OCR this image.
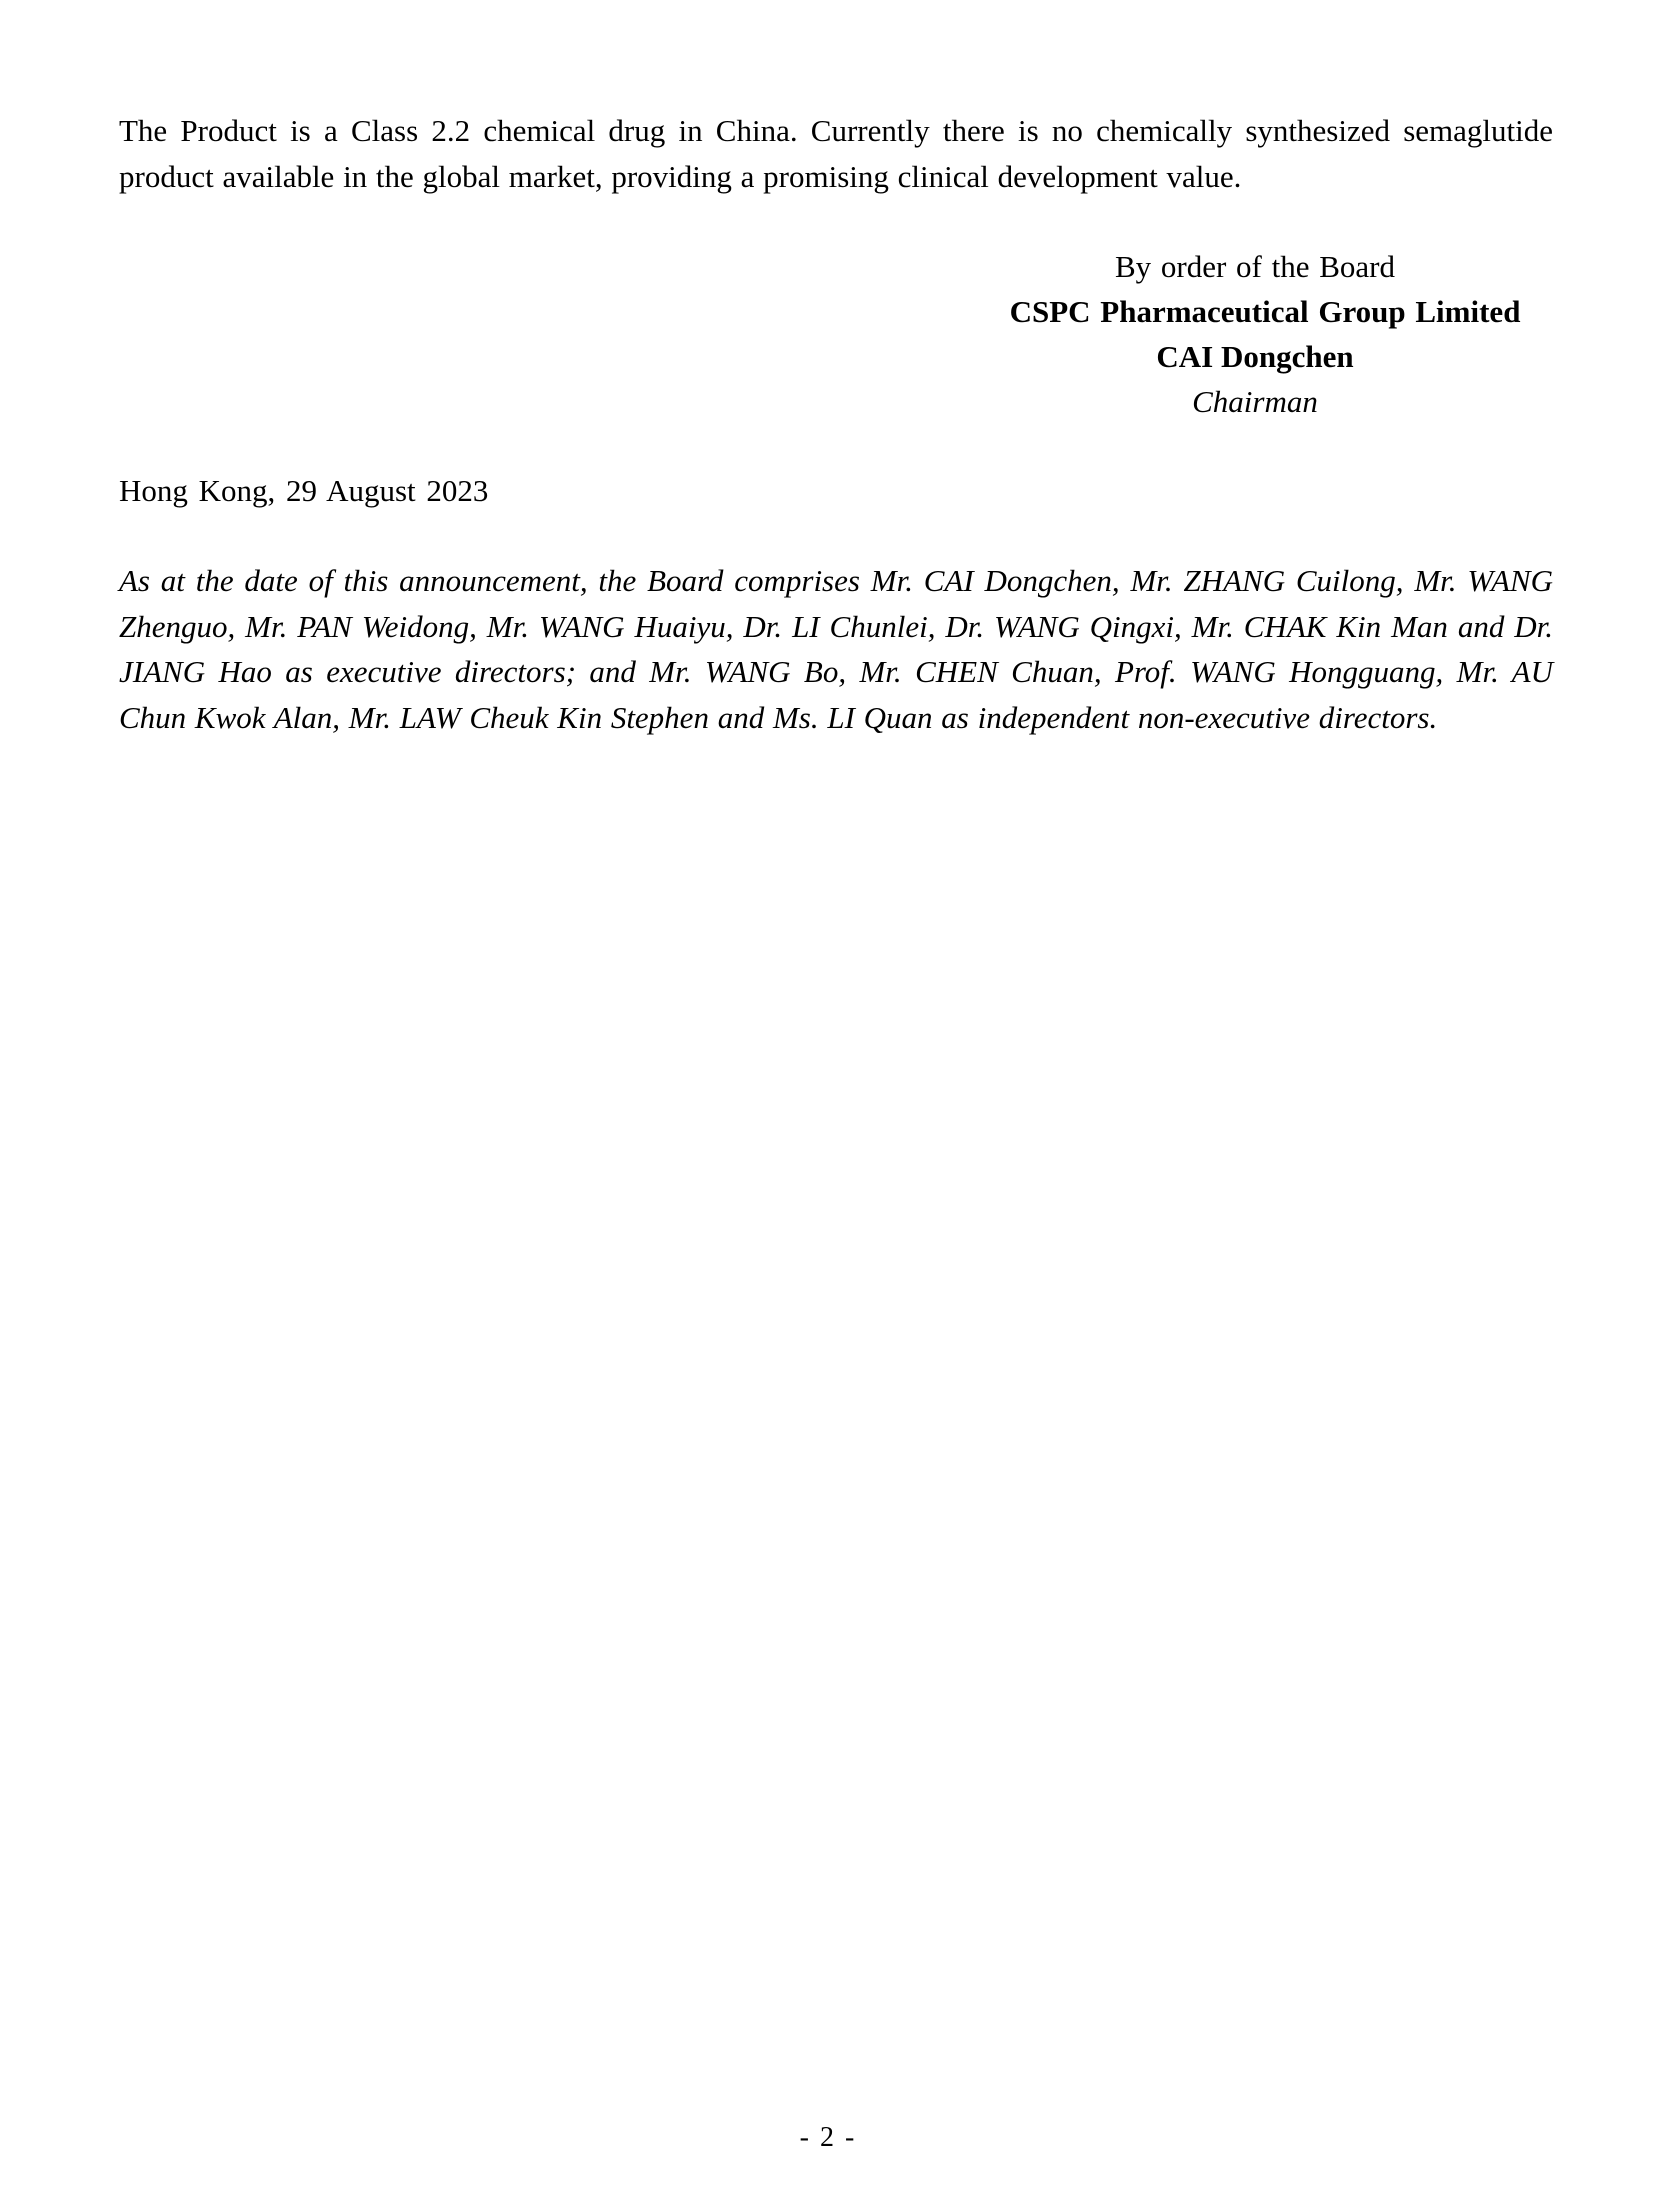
The Product is a Class 2.2 chemical drug in China. Currently there is no chemically synthesized semaglutide product available in the global market, providing a promising clinical development value.

By order of the Board
CSPC Pharmaceutical Group Limited
CAI Dongchen
Chairman

Hong Kong, 29 August 2023

As at the date of this announcement, the Board comprises Mr. CAI Dongchen, Mr. ZHANG Cuilong, Mr. WANG Zhenguo, Mr. PAN Weidong, Mr. WANG Huaiyu, Dr. LI Chunlei, Dr. WANG Qingxi, Mr. CHAK Kin Man and Dr. JIANG Hao as executive directors; and Mr. WANG Bo, Mr. CHEN Chuan, Prof. WANG Hongguang, Mr. AU Chun Kwok Alan, Mr. LAW Cheuk Kin Stephen and Ms. LI Quan as independent non-executive directors.

- 2 -
